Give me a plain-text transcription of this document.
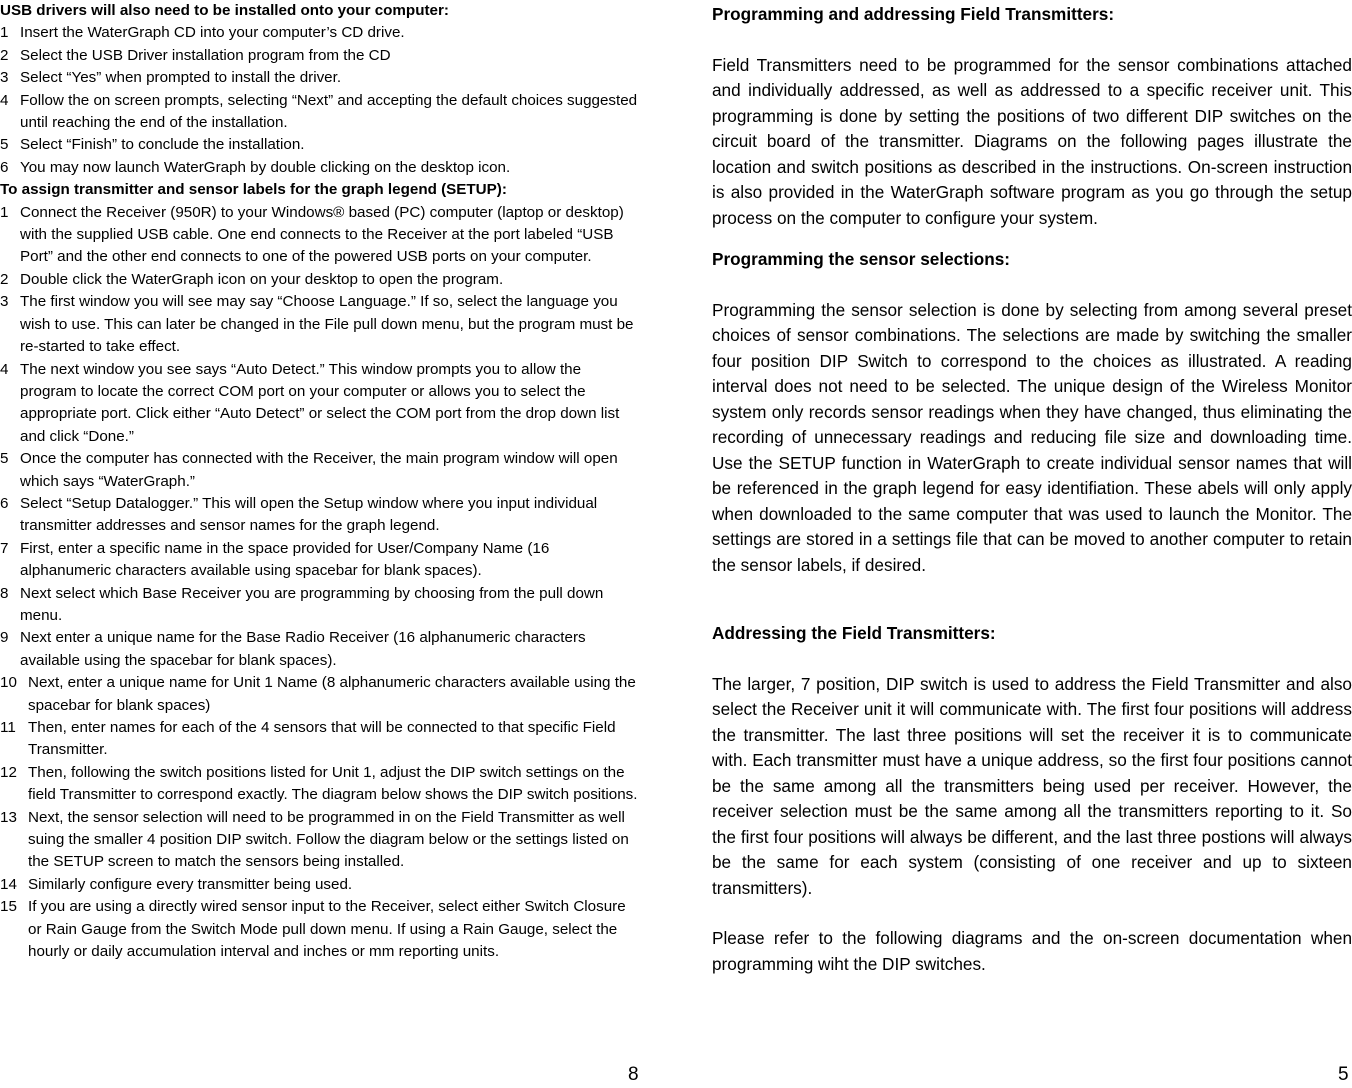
USB drivers will also need to be installed onto your computer:
1 Insert the WaterGraph CD into your computer’s CD drive.
2 Select the USB Driver installation program from the CD
3 Select “Yes” when prompted to install the driver.
4 Follow the on screen prompts, selecting “Next” and accepting the default choices suggested until reaching the end of the installation.
5 Select “Finish” to conclude the installation.
6 You may now launch WaterGraph by double clicking on the desktop icon.
To assign transmitter and sensor labels for the graph legend (SETUP):
1 Connect the Receiver (950R) to your Windows® based (PC) computer (laptop or desktop) with the supplied USB cable. One end connects to the Receiver at the port labeled “USB Port” and the other end connects to one of the powered USB ports on your computer.
2 Double click the WaterGraph icon on your desktop to open the program.
3 The first window you will see may say “Choose Language.” If so, select the language you wish to use. This can later be changed in the File pull down menu, but the program must be re-started to take effect.
4 The next window you see says “Auto Detect.” This window prompts you to allow the program to locate the correct COM port on your computer or allows you to select the appropriate port. Click either “Auto Detect” or select the COM port from the drop down list and click “Done.”
5 Once the computer has connected with the Receiver, the main program window will open which says “WaterGraph.”
6 Select “Setup Datalogger.” This will open the Setup window where you input individual transmitter addresses and sensor names for the graph legend.
7 First, enter a specific name in the space provided for User/Company Name (16 alphanumeric characters available using spacebar for blank spaces).
8 Next select which Base Receiver you are programming by choosing from the pull down menu.
9 Next enter a unique name for the Base Radio Receiver (16 alphanumeric characters available using the spacebar for blank spaces).
10 Next, enter a unique name for Unit 1 Name (8 alphanumeric characters available using the spacebar for blank spaces)
11 Then, enter names for each of the 4 sensors that will be connected to that specific Field Transmitter.
12 Then, following the switch positions listed for Unit 1, adjust the DIP switch settings on the field Transmitter to correspond exactly. The diagram below shows the DIP switch positions.
13 Next, the sensor selection will need to be programmed in on the Field Transmitter as well suing the smaller 4 position DIP switch. Follow the diagram below or the settings listed on the SETUP screen to match the sensors being installed.
14 Similarly configure every transmitter being used.
15 If you are using a directly wired sensor input to the Receiver, select either Switch Closure or Rain Gauge from the Switch Mode pull down menu. If using a Rain Gauge, select the hourly or daily accumulation interval and inches or mm reporting units.
8

Programming and addressing Field Transmitters:

Field Transmitters need to be programmed for the sensor combinations attached and individually addressed, as well as addressed to a specific receiver unit. This programming is done by setting the positions of two different DIP switches on the circuit board of the transmitter. Diagrams on the following pages illustrate the location and switch positions as described in the instructions. On-screen instruction is also provided in the WaterGraph software program as you go through the setup process on the computer to configure your system.

Programming the sensor selections:

Programming the sensor selection is done by selecting from among several preset choices of sensor combinations. The selections are made by switching the smaller four position DIP Switch to correspond to the choices as illustrated. A reading interval does not need to be selected. The unique design of the Wireless Monitor system only records sensor readings when they have changed, thus eliminating the recording of unnecessary readings and reducing file size and downloading time. Use the SETUP function in WaterGraph to create individual sensor names that will be referenced in the graph legend for easy identifiation. These abels will only apply when downloaded to the same computer that was used to launch the Monitor. The settings are stored in a settings file that can be moved to another computer to retain the sensor labels, if desired.

Addressing the Field Transmitters:

The larger, 7 position, DIP switch is used to address the Field Transmitter and also select the Receiver unit it will communicate with. The first four positions will address the transmitter. The last three positions will set the receiver it is to communicate with. Each transmitter must have a unique address, so the first four positions cannot be the same among all the transmitters being used per receiver. However, the receiver selection must be the same among all the transmitters reporting to it. So the first four positions will always be different, and the last three postions will always be the same for each system (consisting of one receiver and up to sixteen transmitters).

Please refer to the following diagrams and the on-screen documentation when programming wiht the DIP switches.

5
